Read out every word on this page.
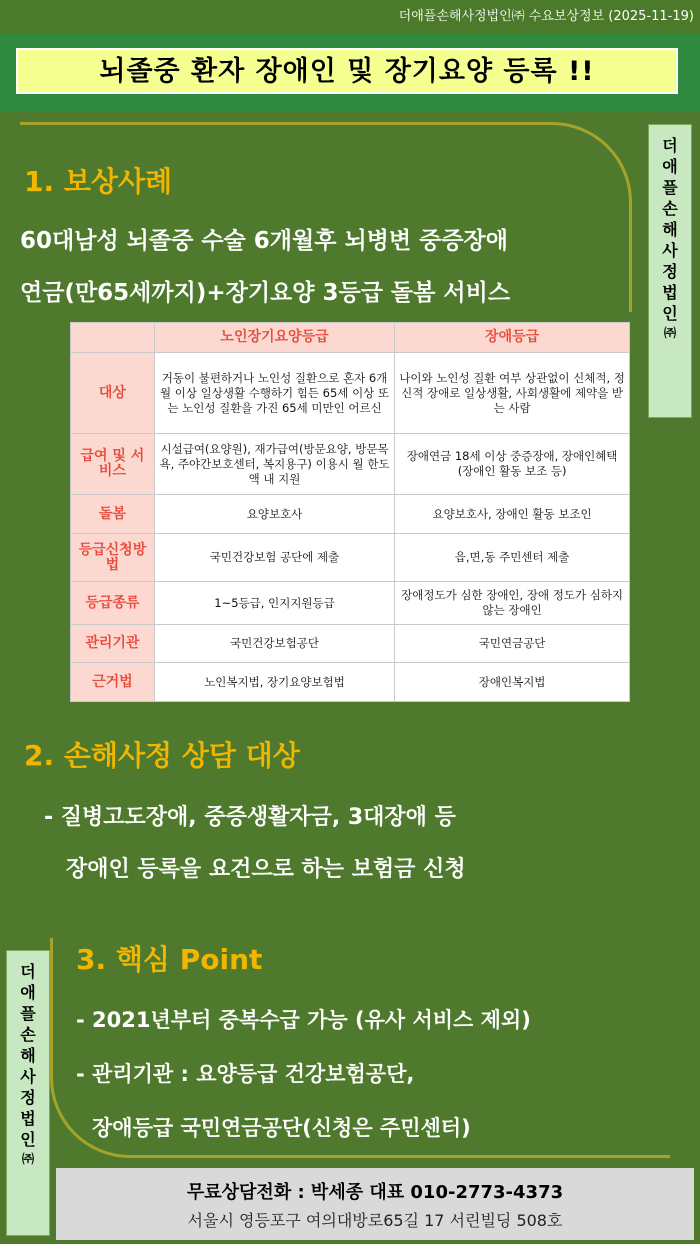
더애플손해사정법인㈜ 수요보상정보 (2025-11-19)
뇌졸중 환자 장애인 및 장기요양 등록 !!
더
애
플
손
해
사
정
법
인
㈜
1. 보상사례
60대남성 뇌졸중 수술 6개월후 뇌병변 중증장애
연금(만65세까지)+장기요양 3등급 돌봄 서비스
	노인장기요양등급	장애등급
대상	거동이 불편하거나 노인성 질환으로 혼자 6개월 이상 일상생활 수행하기 힘든 65세 이상 또는 노인성 질환을 가진 65세 미만인 어르신	나이와 노인성 질환 여부 상관없이 신체적, 정신적 장애로 일상생활, 사회생활에 제약을 받는 사람
급여 및 서비스	시설급여(요양원), 재가급여(방문요양, 방문목욕, 주야간보호센터, 복지용구) 이용시 월 한도액 내 지원	장애연금 18세 이상 중증장애, 장애인혜택(장애인 활동 보조 등)
돌봄	요양보호사	요양보호사, 장애인 활동 보조인
등급신청방법	국민건강보험 공단에 제출	읍,면,동 주민센터 제출
등급종류	1~5등급, 인지지원등급	장애정도가 심한 장애인, 장애 정도가 심하지 않는 장애인
관리기관	국민건강보험공단	국민연금공단
근거법	노인복지법, 장기요양보험법	장애인복지법
2. 손해사정 상담 대상
- 질병고도장애, 중증생활자금, 3대장애 등
장애인 등록을 요건으로 하는 보험금 신청
더
애
플
손
해
사
정
법
인
㈜
3. 핵심 Point
- 2021년부터 중복수급 가능 (유사 서비스 제외)
- 관리기관 : 요양등급 건강보험공단,
장애등급 국민연금공단(신청은 주민센터)
무료상담전화 : 박세종 대표 010-2773-4373
서울시 영등포구 여의대방로65길 17 서린빌딩 508호
